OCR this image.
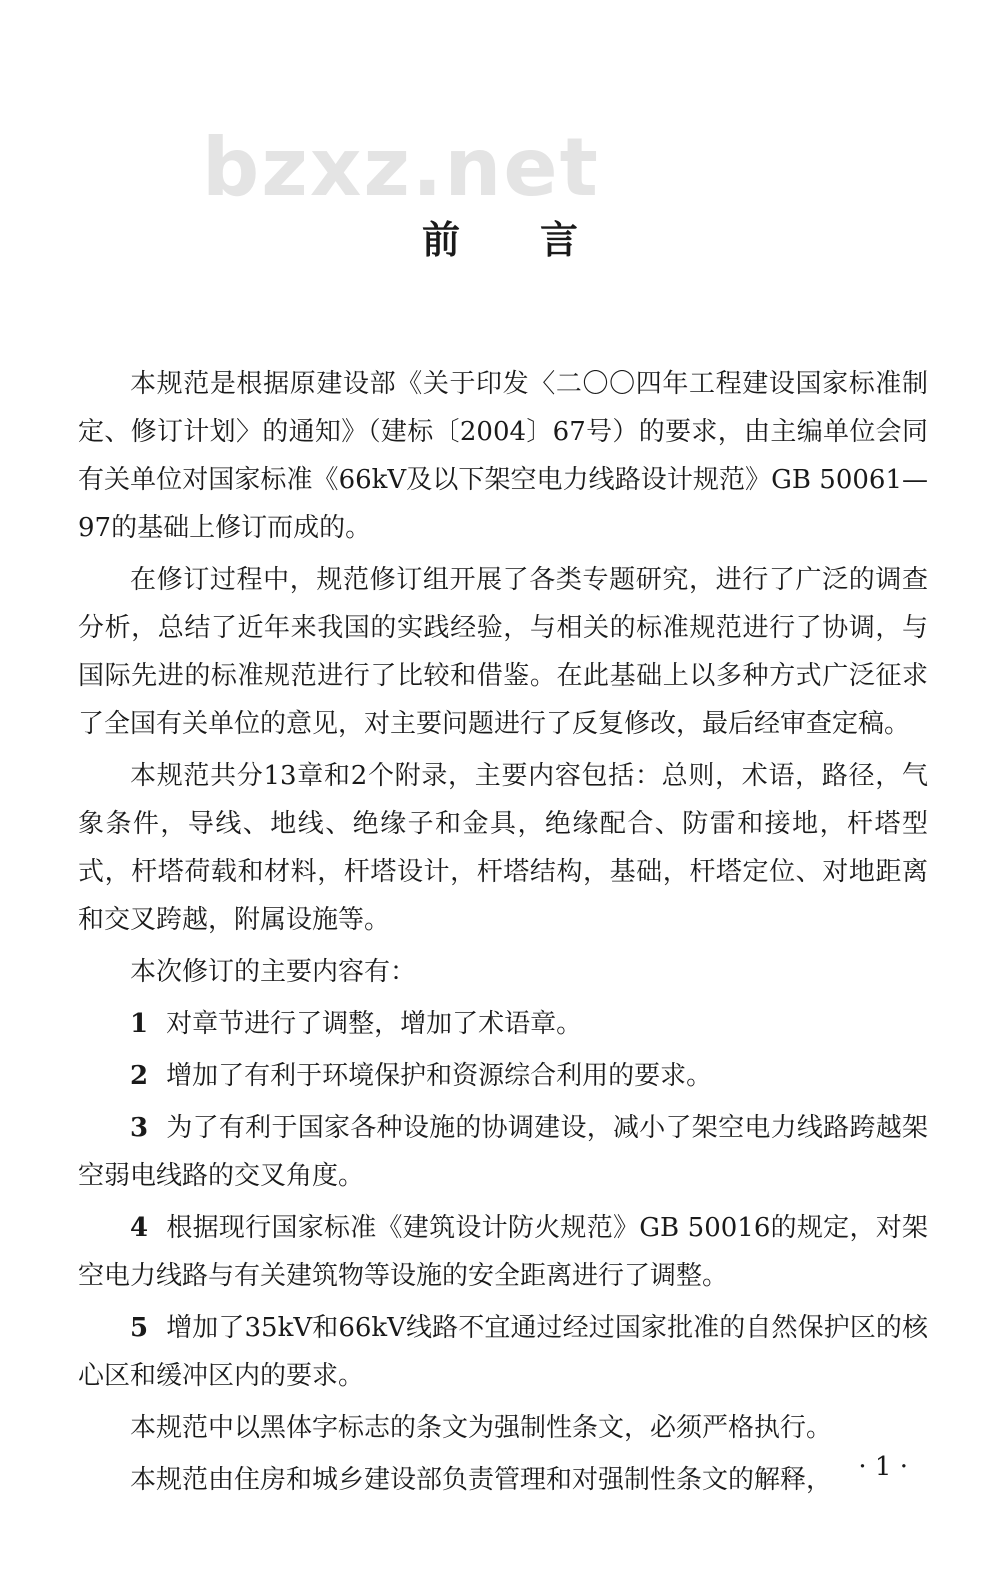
bzxz.net
前言

本规范是根据原建设部《关于印发〈二〇〇四年工程建设国家标准制定、修订计划〉的通知》（建标〔2004〕67号）的要求，由主编单位会同有关单位对国家标准《66kV及以下架空电力线路设计规范》GB 50061—97的基础上修订而成的。

在修订过程中，规范修订组开展了各类专题研究，进行了广泛的调查分析，总结了近年来我国的实践经验，与相关的标准规范进行了协调，与国际先进的标准规范进行了比较和借鉴。在此基础上以多种方式广泛征求了全国有关单位的意见，对主要问题进行了反复修改，最后经审查定稿。

本规范共分13章和2个附录，主要内容包括：总则，术语，路径，气象条件，导线、地线、绝缘子和金具，绝缘配合、防雷和接地，杆塔型式，杆塔荷载和材料，杆塔设计，杆塔结构，基础，杆塔定位、对地距离和交叉跨越，附属设施等。

本次修订的主要内容有：

1 对章节进行了调整，增加了术语章。

2 增加了有利于环境保护和资源综合利用的要求。

3 为了有利于国家各种设施的协调建设，减小了架空电力线路跨越架空弱电线路的交叉角度。

4 根据现行国家标准《建筑设计防火规范》GB 50016的规定，对架空电力线路与有关建筑物等设施的安全距离进行了调整。

5 增加了35kV和66kV线路不宜通过经过国家批准的自然保护区的核心区和缓冲区内的要求。

本规范中以黑体字标志的条文为强制性条文，必须严格执行。

本规范由住房和城乡建设部负责管理和对强制性条文的解释，	· 1 ·
